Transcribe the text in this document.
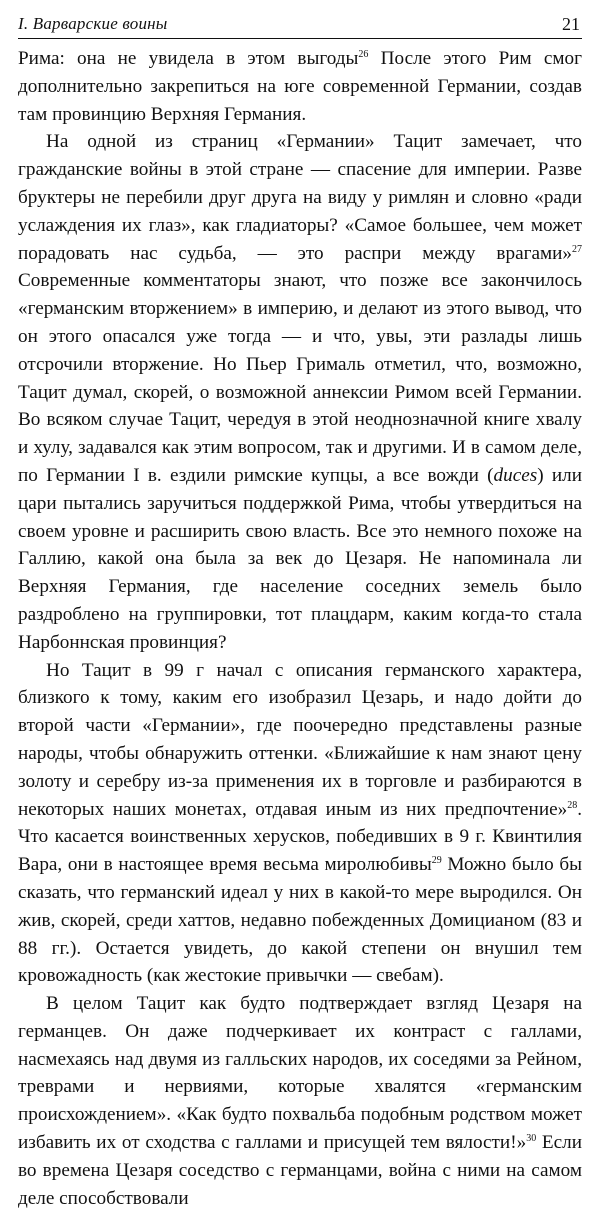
I. Варварские воины	21

Рима: она не увидела в этом выгоды$^{26}$ После этого Рим смог дополнительно закрепиться на юге современной Германии, создав там провинцию Верхняя Германия.

На одной из страниц «Германии» Тацит замечает, что гражданские войны в этой стране — спасение для империи. Разве бруктеры не перебили друг друга на виду у римлян и словно «ради услаждения их глаз», как гладиаторы? «Самое большее, чем может порадовать нас судьба, — это распри между врагами»$^{27}$ Современные комментаторы знают, что позже все закончилось «германским вторжением» в империю, и делают из этого вывод, что он этого опасался уже тогда — и что, увы, эти разлады лишь отсрочили вторжение. Но Пьер Грималь отметил, что, возможно, Тацит думал, скорей, о возможной аннексии Римом всей Германии. Во всяком случае Тацит, чередуя в этой неоднозначной книге хвалу и хулу, задавался как этим вопросом, так и другими. И в самом деле, по Германии I в. ездили римские купцы, а все вожди (duces) или цари пытались заручиться поддержкой Рима, чтобы утвердиться на своем уровне и расширить свою власть. Все это немного похоже на Галлию, какой она была за век до Цезаря. Не напоминала ли Верхняя Германия, где население соседних земель было раздроблено на группировки, тот плацдарм, каким когда-то стала Нарбоннская провинция?

Но Тацит в 99 г начал с описания германского характера, близкого к тому, каким его изобразил Цезарь, и надо дойти до второй части «Германии», где поочередно представлены разные народы, чтобы обнаружить оттенки. «Ближайшие к нам знают цену золоту и серебру из-за применения их в торговле и разбираются в некоторых наших монетах, отдавая иным из них предпочтение»$^{28}$. Что касается воинственных херусков, победивших в 9 г. Квинтилия Вара, они в настоящее время весьма миролюбивы$^{29}$ Можно было бы сказать, что германский идеал у них в какой-то мере выродился. Он жив, скорей, среди хаттов, недавно побежденных Домицианом (83 и 88 гг.). Остается увидеть, до какой степени он внушил тем кровожадность (как жестокие привычки — свебам).

В целом Тацит как будто подтверждает взгляд Цезаря на германцев. Он даже подчеркивает их контраст с галлами, насмехаясь над двумя из галльских народов, их соседями за Рейном, треврами и нервиями, которые хвалятся «германским происхождением». «Как будто похвальба подобным родством может избавить их от сходства с галлами и присущей тем вялости!»$^{30}$ Если во времена Цезаря соседство с германцами, война с ними на самом деле способствовали
